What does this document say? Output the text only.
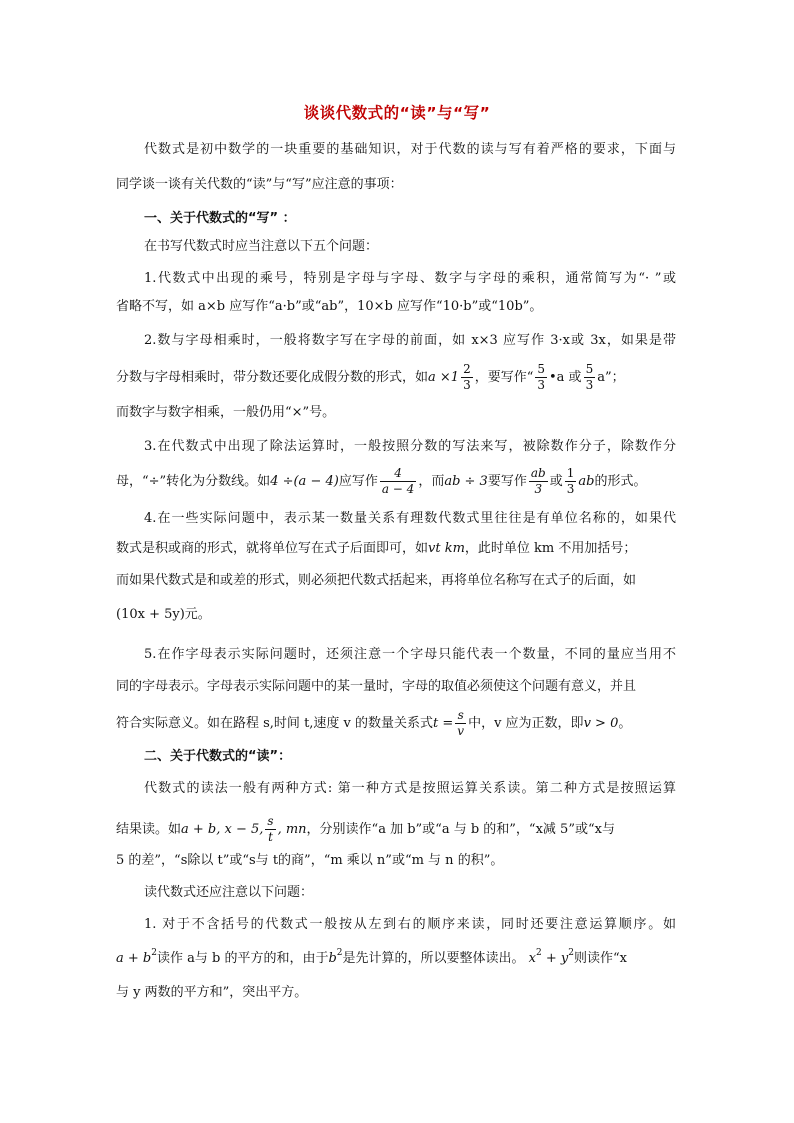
谈谈代数式的“读”与“写”

代数式是初中数学的一块重要的基础知识，对于代数的读与写有着严格的要求，下面与

同学谈一谈有关代数的“读”与“写”应注意的事项：

一、关于代数式的“写” ：

在书写代数式时应当注意以下五个问题：

1.代数式中出现的乘号，特别是字母与字母、数字与字母的乘积，通常简写为“· ”或

省略不写，如 a×b 应写作“a·b”或“ab”，10×b 应写作“10·b”或“10b”。

2.数与字母相乘时，一般将数字写在字母的前面，如 x×3 应写作 3·x或 3x，如果是带

分数与字母相乘时，带分数还要化成假分数的形式，如$a \times 1 \frac{2}{3}$ ，要写作“ $\frac{5}{3}$ •a 或 $\frac{5}{3} a$”；

而数字与数字相乘，一般仍用“×”号。

3.在代数式中出现了除法运算时，一般按照分数的写法来写，被除数作分子，除数作分

母，“÷”转化为分数线。如4 ÷(a − 4)应写作 $\frac{4}{a - 4}$ ，而ab ÷ 3要写作 $\frac{ab}{3}$ 或 $\frac{1}{3}$ ab的形式。

4.在一些实际问题中，表示某一数量关系有理数代数式里往往是有单位名称的，如果代

数式是积或商的形式，就将单位写在式子后面即可，如vt km，此时单位 km 不用加括号；

而如果代数式是和或差的形式，则必须把代数式括起来，再将单位名称写在式子的后面，如

(10x + 5y)元。

5.在作字母表示实际问题时，还须注意一个字母只能代表一个数量，不同的量应当用不

同的字母表示。字母表示实际问题中的某一量时，字母的取值必须使这个问题有意义，并且

符合实际意义。如在路程 s,时间 t,速度 v 的数量关系式$t = \frac{s}{v}$ 中，v 应为正数，即v > 0。

二、关于代数式的“读”：

代数式的读法一般有两种方式: 第一种方式是按照运算关系读。第二种方式是按照运算

结果读。如a + b, x − 5, $\frac{s}{t}$ , mn，分别读作“a 加 b”或“a 与 b 的和”，“x减 5”或“x与

5 的差”，“s除以 t”或“s与 t的商”，“m 乘以 n”或“m 与 n 的积”。

读代数式还应注意以下问题：

1. 对于不含括号的代数式一般按从左到右的顺序来读，同时还要注意运算顺序。如

$a + b^2$读作 a与 b 的平方的和，由于$b^2$是先计算的，所以要整体读出。 $x^2 + y^2$则读作“x

与 y 两数的平方和”，突出平方。
